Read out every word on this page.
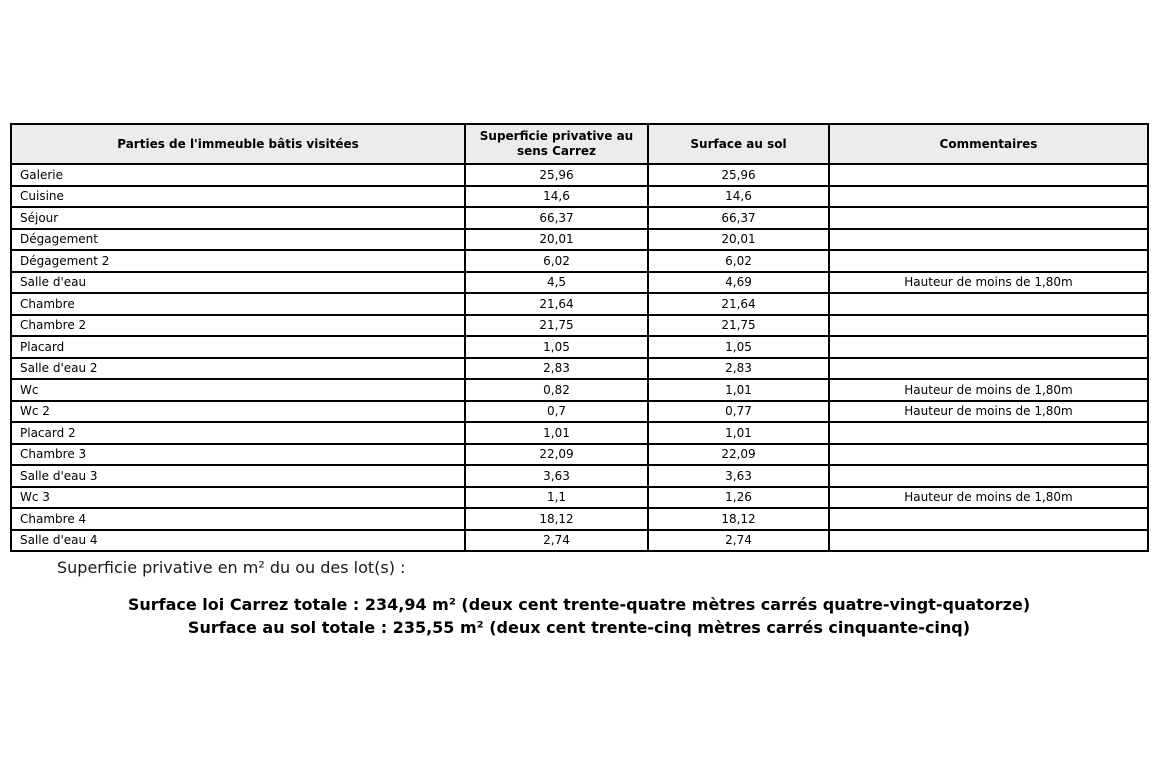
Parties de l'immeuble bâtis visitées	Superficie privative au sens Carrez	Surface au sol	Commentaires
Galerie	25,96	25,96	
Cuisine	14,6	14,6	
Séjour	66,37	66,37	
Dégagement	20,01	20,01	
Dégagement 2	6,02	6,02	
Salle d'eau	4,5	4,69	Hauteur de moins de 1,80m
Chambre	21,64	21,64	
Chambre 2	21,75	21,75	
Placard	1,05	1,05	
Salle d'eau 2	2,83	2,83	
Wc	0,82	1,01	Hauteur de moins de 1,80m
Wc 2	0,7	0,77	Hauteur de moins de 1,80m
Placard 2	1,01	1,01	
Chambre 3	22,09	22,09	
Salle d'eau 3	3,63	3,63	
Wc 3	1,1	1,26	Hauteur de moins de 1,80m
Chambre 4	18,12	18,12	
Salle d'eau 4	2,74	2,74	
Superficie privative en m² du ou des lot(s) :
Surface loi Carrez totale : 234,94 m² (deux cent trente-quatre mètres carrés quatre-vingt-quatorze)
Surface au sol totale : 235,55 m² (deux cent trente-cinq mètres carrés cinquante-cinq)
